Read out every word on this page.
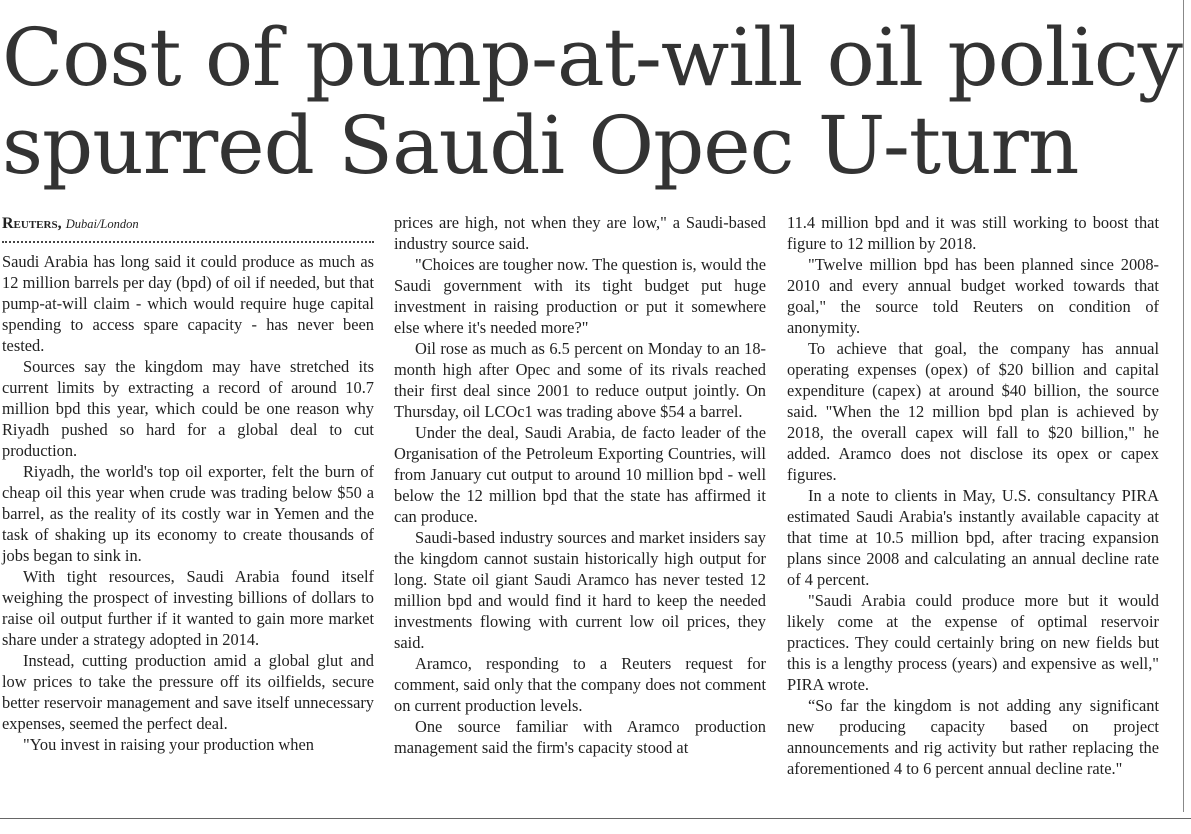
Cost of pump-at-will oil policy
spurred Saudi Opec U-turn
Reuters, Dubai/London

Saudi Arabia has long said it could produce as much as 12 million barrels per day (bpd) of oil if needed, but that pump-at-will claim - which would require huge capital spending to access spare capacity - has never been tested.

Sources say the kingdom may have stretched its current limits by extracting a record of around 10.7 million bpd this year, which could be one reason why Riyadh pushed so hard for a global deal to cut production.

Riyadh, the world's top oil exporter, felt the burn of cheap oil this year when crude was trading below $50 a barrel, as the reality of its costly war in Yemen and the task of shaking up its economy to create thousands of jobs began to sink in.

With tight resources, Saudi Arabia found itself weighing the prospect of investing billions of dollars to raise oil output further if it wanted to gain more market share under a strategy adopted in 2014.

Instead, cutting production amid a global glut and low prices to take the pressure off its oilfields, secure better reservoir management and save itself unnecessary expenses, seemed the perfect deal.

"You invest in raising your production when

prices are high, not when they are low," a Saudi-based industry source said.

"Choices are tougher now. The question is, would the Saudi government with its tight budget put huge investment in raising production or put it somewhere else where it's needed more?"

Oil rose as much as 6.5 percent on Monday to an 18-month high after Opec and some of its rivals reached their first deal since 2001 to reduce output jointly. On Thursday, oil LCOc1 was trading above $54 a barrel.

Under the deal, Saudi Arabia, de facto leader of the Organisation of the Petroleum Exporting Countries, will from January cut output to around 10 million bpd - well below the 12 million bpd that the state has affirmed it can produce.

Saudi-based industry sources and market insiders say the kingdom cannot sustain historically high output for long. State oil giant Saudi Aramco has never tested 12 million bpd and would find it hard to keep the needed investments flowing with current low oil prices, they said.

Aramco, responding to a Reuters request for comment, said only that the company does not comment on current production levels.

One source familiar with Aramco production management said the firm's capacity stood at

11.4 million bpd and it was still working to boost that figure to 12 million by 2018.

"Twelve million bpd has been planned since 2008-2010 and every annual budget worked towards that goal," the source told Reuters on condition of anonymity.

To achieve that goal, the company has annual operating expenses (opex) of $20 billion and capital expenditure (capex) at around $40 billion, the source said. "When the 12 million bpd plan is achieved by 2018, the overall capex will fall to $20 billion," he added. Aramco does not disclose its opex or capex figures.

In a note to clients in May, U.S. consultancy PIRA estimated Saudi Arabia's instantly available capacity at that time at 10.5 million bpd, after tracing expansion plans since 2008 and calculating an annual decline rate of 4 percent.

"Saudi Arabia could produce more but it would likely come at the expense of optimal reservoir practices. They could certainly bring on new fields but this is a lengthy process (years) and expensive as well," PIRA wrote.

“So far the kingdom is not adding any significant new producing capacity based on project announcements and rig activity but rather replacing the aforementioned 4 to 6 percent annual decline rate."
